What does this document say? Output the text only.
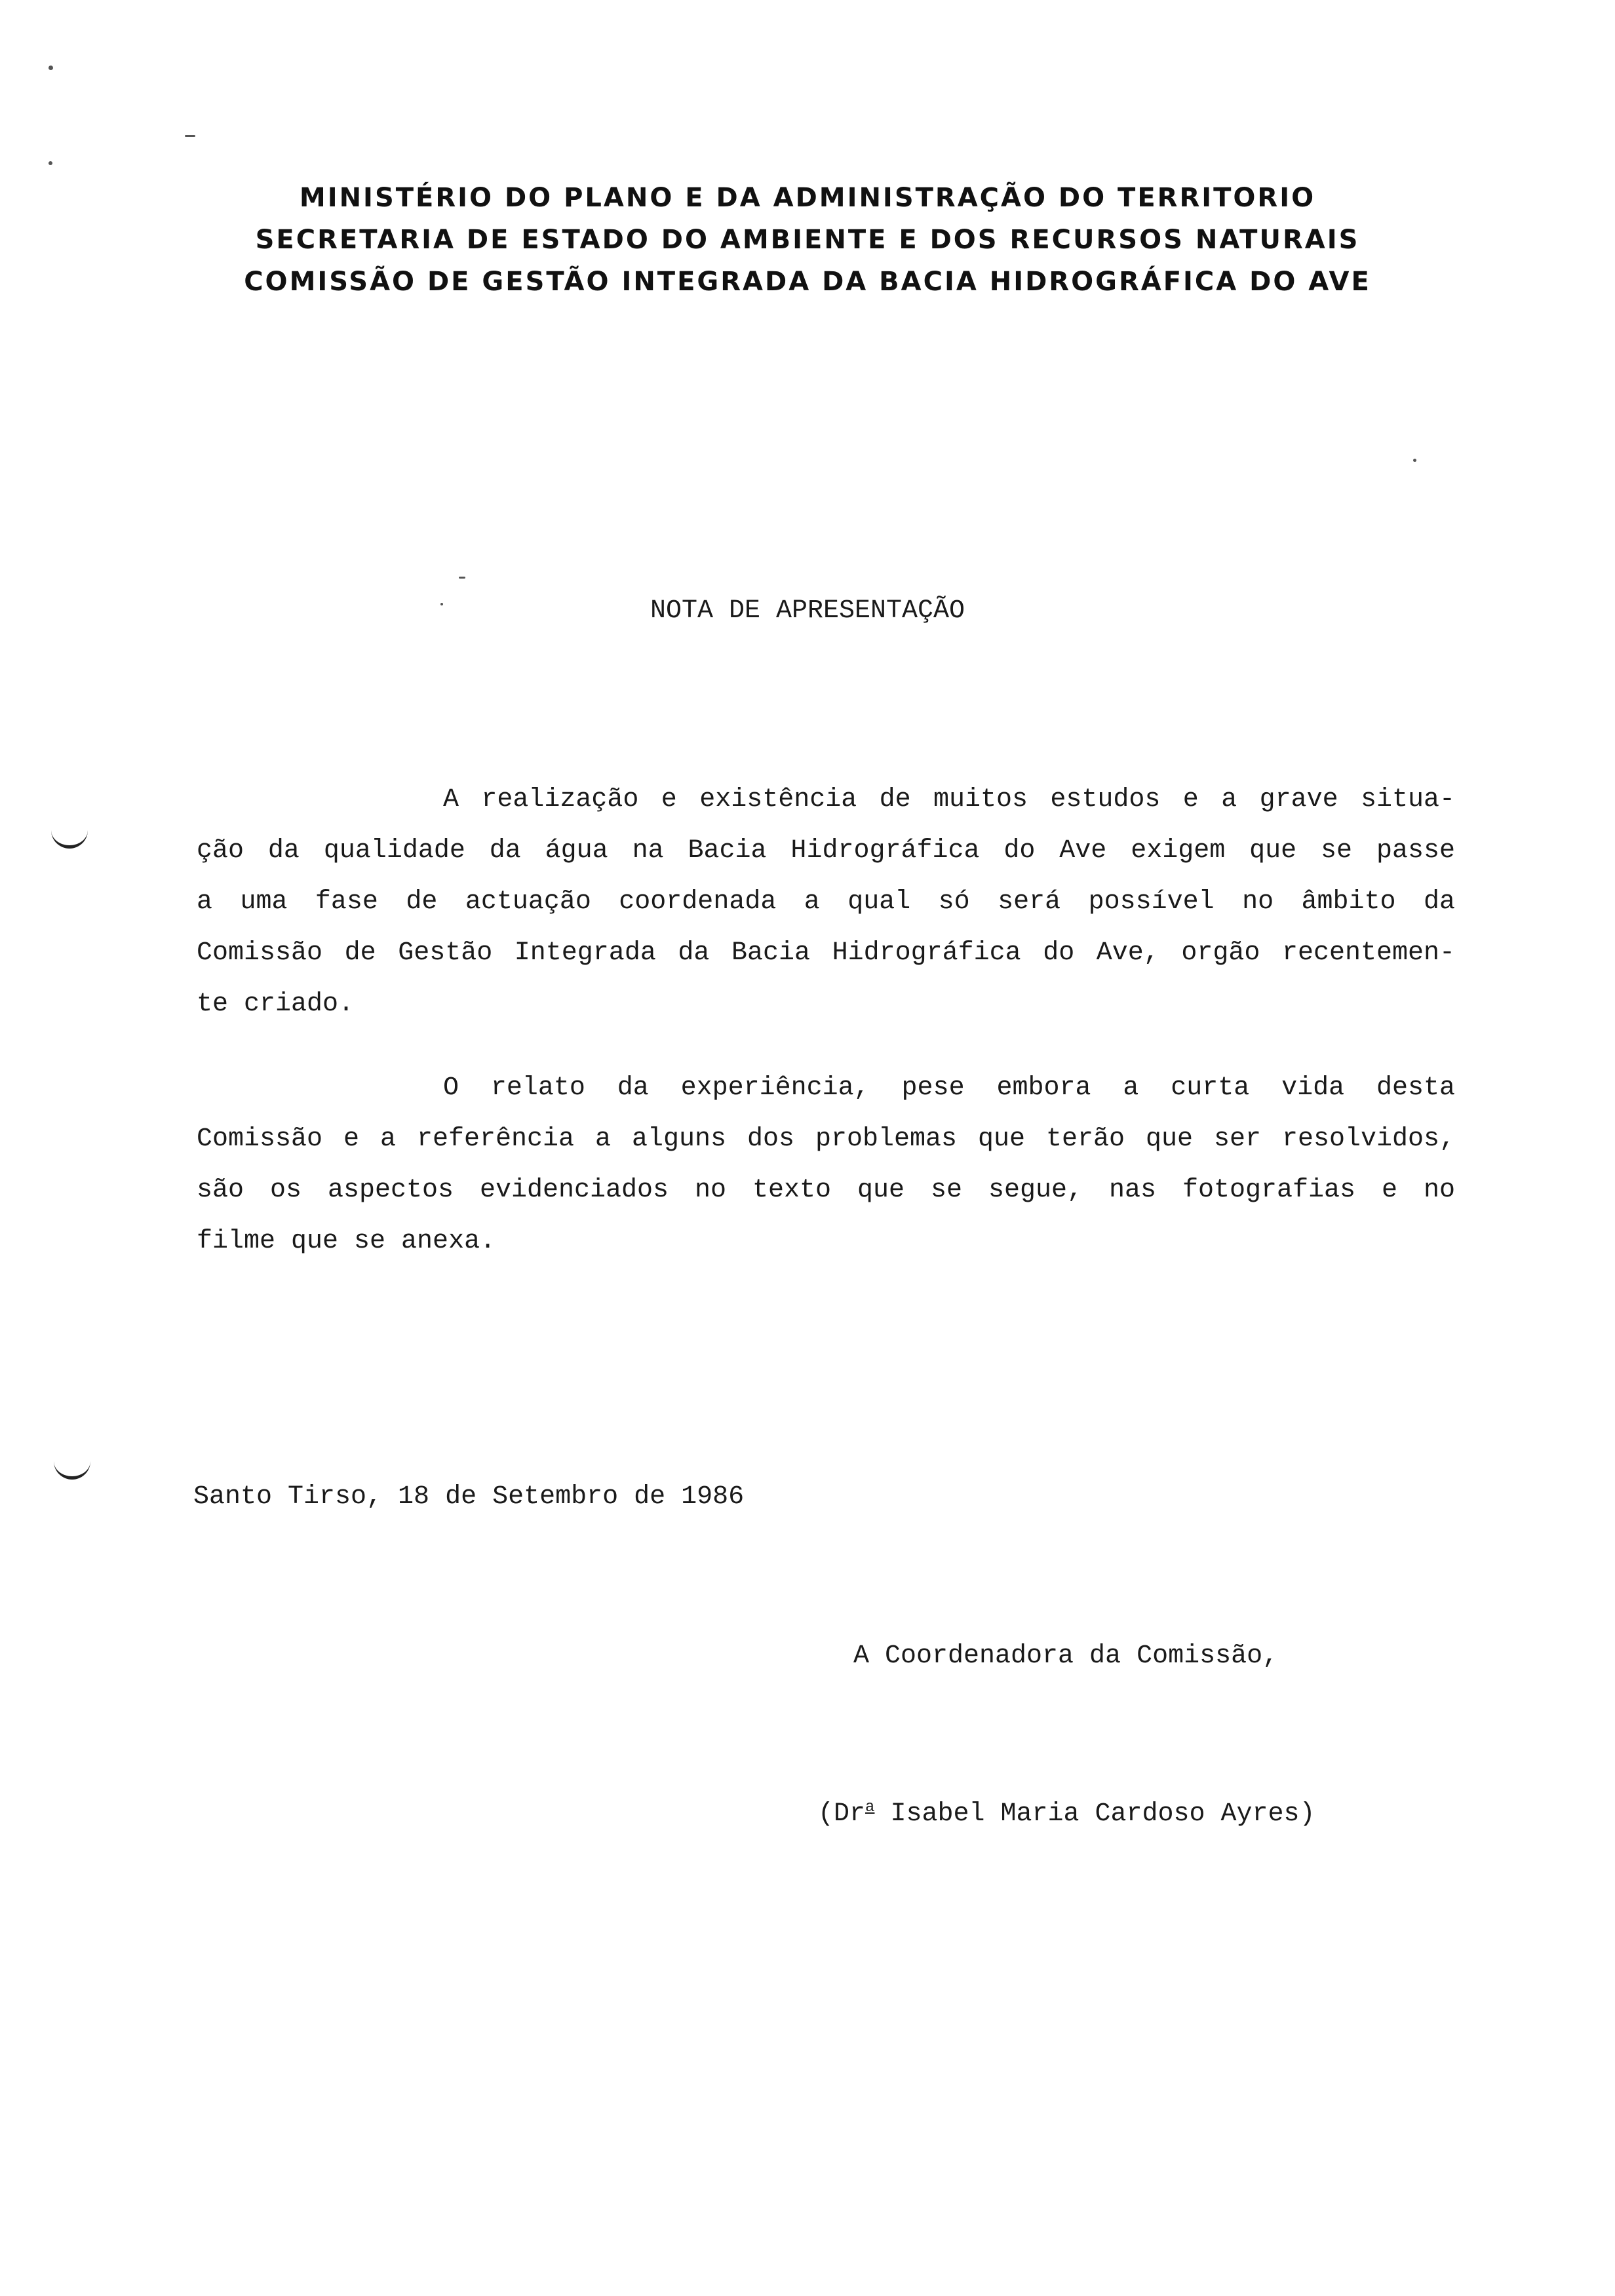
MINISTÉRIO DO PLANO E DA ADMINISTRAÇÃO DO TERRITORIO
SECRETARIA DE ESTADO DO AMBIENTE E DOS RECURSOS NATURAIS
COMISSÃO DE GESTÃO INTEGRADA DA BACIA HIDROGRÁFICA DO AVE
NOTA DE APRESENTAÇÃO
A realização e existência de muitos estudos e a grave situa-
ção da qualidade da água na Bacia Hidrográfica do Ave exigem que se passe
a uma fase de actuação coordenada a qual só será possível no âmbito da
Comissão de Gestão Integrada da Bacia Hidrográfica do Ave, orgão recentemen-
te criado.
O relato da experiência, pese embora a curta vida desta
Comissão e a referência a alguns dos problemas que terão que ser resolvidos,
são os aspectos evidenciados no texto que se segue, nas fotografias e no
filme que se anexa.
Santo Tirso, 18 de Setembro de 1986
A Coordenadora da Comissão,
(Dr$^a$ Isabel Maria Cardoso Ayres)
